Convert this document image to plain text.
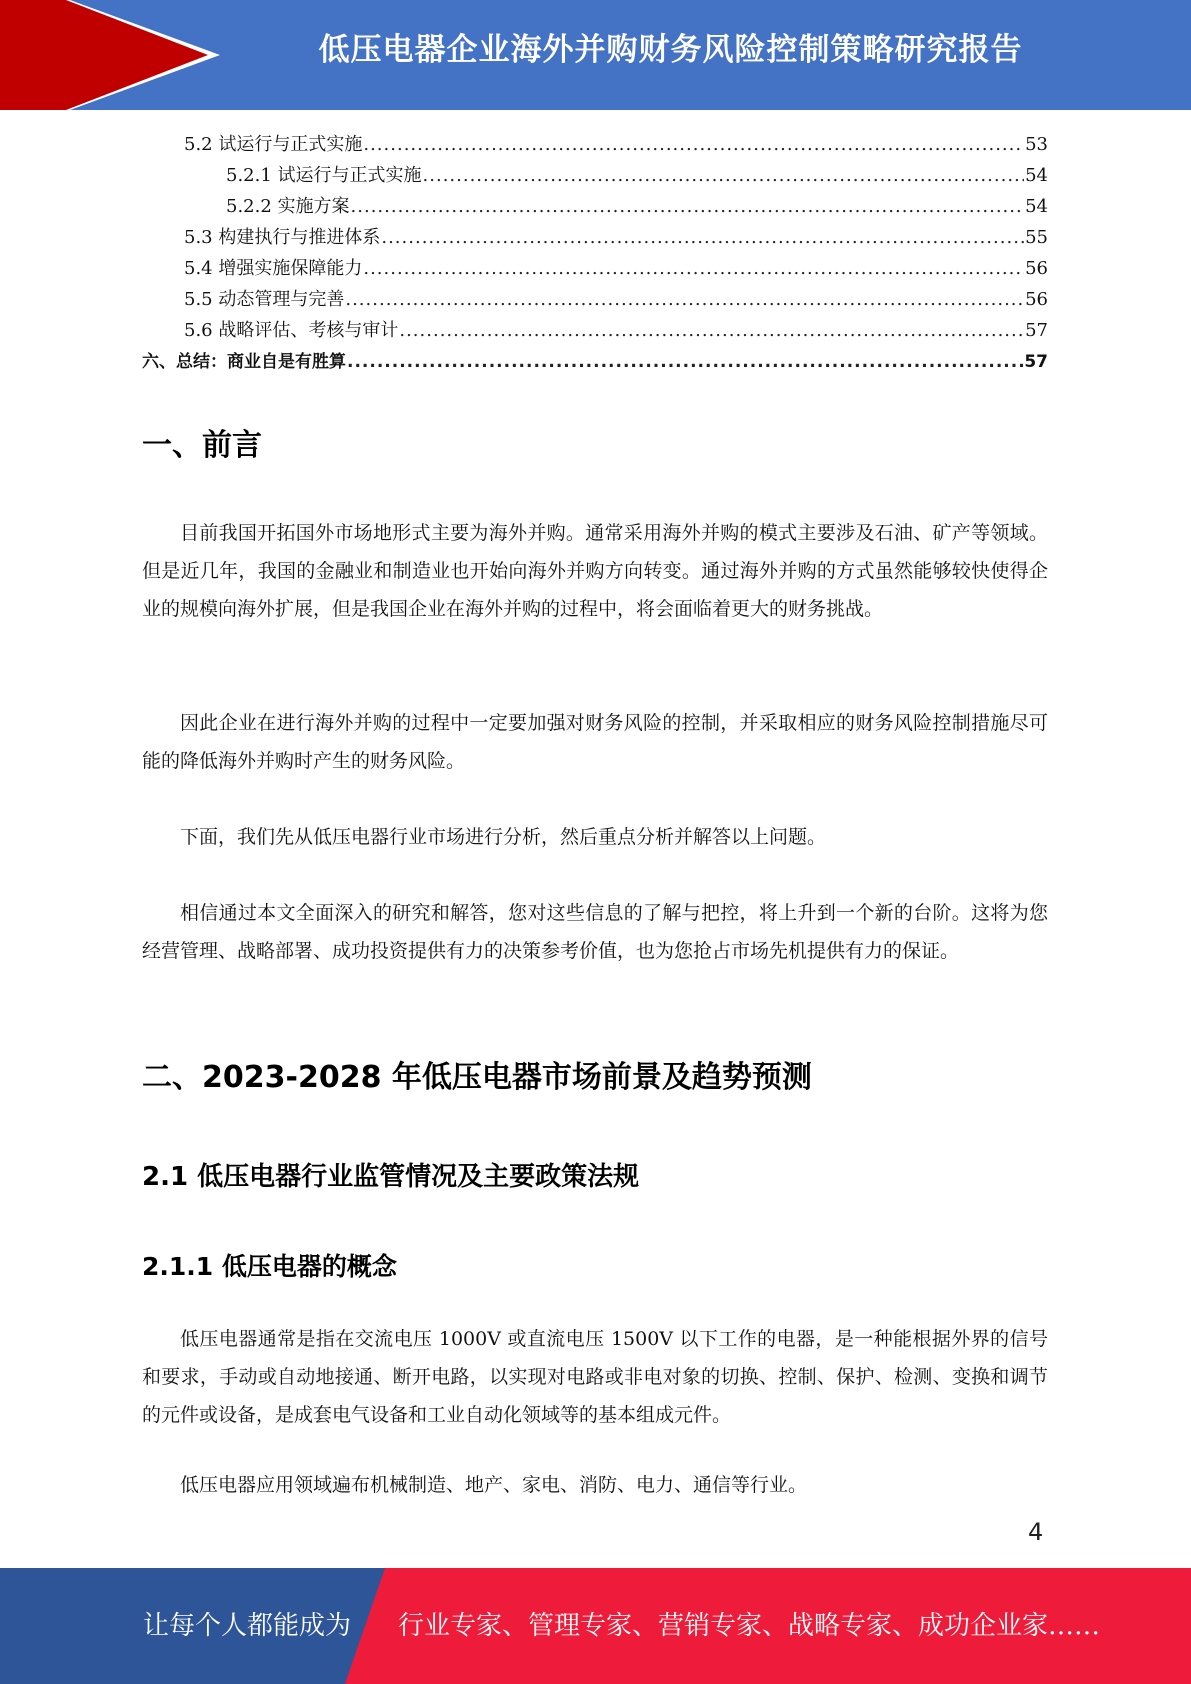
低压电器企业海外并购财务风险控制策略研究报告
5.2 试运行与正式实施 .....	53
5.2.1 试运行与正式实施 .....	54
5.2.2 实施方案 .....	54
5.3 构建执行与推进体系 .....	55
5.4 增强实施保障能力 .....	56
5.5 动态管理与完善 .....	56
5.6 战略评估、考核与审计 .....	57
六、总结：商业自是有胜算 .....	57
一、前言
目前我国开拓国外市场地形式主要为海外并购。通常采用海外并购的模式主要涉及石油、矿产等领域。但是近几年，我国的金融业和制造业也开始向海外并购方向转变。通过海外并购的方式虽然能够较快使得企业的规模向海外扩展，但是我国企业在海外并购的过程中，将会面临着更大的财务挑战。
因此企业在进行海外并购的过程中一定要加强对财务风险的控制，并采取相应的财务风险控制措施尽可能的降低海外并购时产生的财务风险。
下面，我们先从低压电器行业市场进行分析，然后重点分析并解答以上问题。
相信通过本文全面深入的研究和解答，您对这些信息的了解与把控，将上升到一个新的台阶。这将为您经营管理、战略部署、成功投资提供有力的决策参考价值，也为您抢占市场先机提供有力的保证。
二、2023-2028 年低压电器市场前景及趋势预测
2.1 低压电器行业监管情况及主要政策法规
2.1.1 低压电器的概念
低压电器通常是指在交流电压 1000V 或直流电压 1500V 以下工作的电器，是一种能根据外界的信号和要求，手动或自动地接通、断开电路，以实现对电路或非电对象的切换、控制、保护、检测、变换和调节的元件或设备，是成套电气设备和工业自动化领域等的基本组成元件。
低压电器应用领域遍布机械制造、地产、家电、消防、电力、通信等行业。
4
让每个人都能成为 行业专家、管理专家、营销专家、战略专家、成功企业家……
